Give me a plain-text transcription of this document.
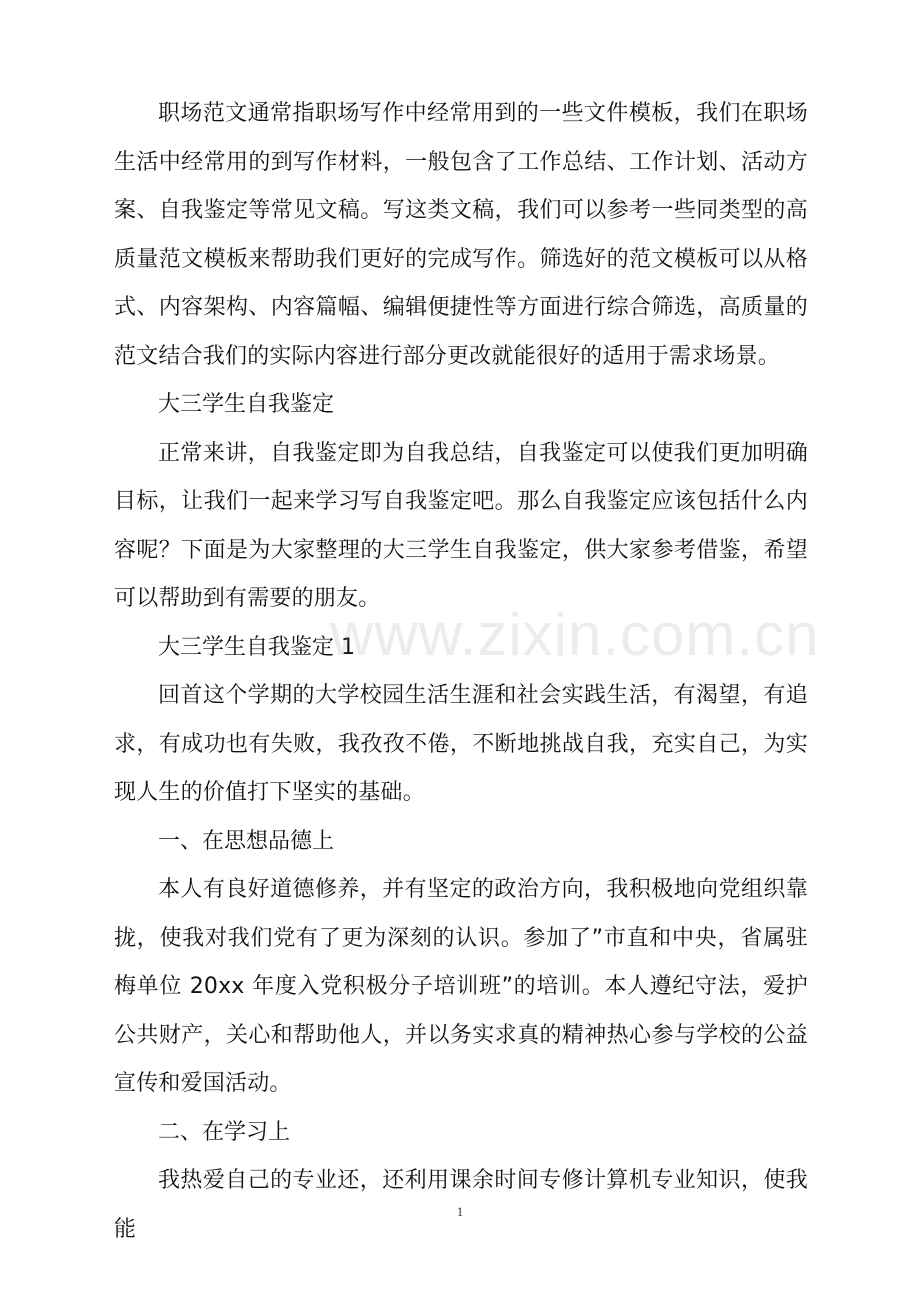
职场范文通常指职场写作中经常用到的一些文件模板，我们在职场生活中经常用的到写作材料，一般包含了工作总结、工作计划、活动方案、自我鉴定等常见文稿。写这类文稿，我们可以参考一些同类型的高质量范文模板来帮助我们更好的完成写作。筛选好的范文模板可以从格式、内容架构、内容篇幅、编辑便捷性等方面进行综合筛选，高质量的范文结合我们的实际内容进行部分更改就能很好的适用于需求场景。

大三学生自我鉴定

正常来讲，自我鉴定即为自我总结，自我鉴定可以使我们更加明确目标，让我们一起来学习写自我鉴定吧。那么自我鉴定应该包括什么内容呢？下面是为大家整理的大三学生自我鉴定，供大家参考借鉴，希望可以帮助到有需要的朋友。

大三学生自我鉴定 1

回首这个学期的大学校园生活生涯和社会实践生活，有渴望，有追求，有成功也有失败，我孜孜不倦，不断地挑战自我，充实自己，为实现人生的价值打下坚实的基础。

一、在思想品德上

本人有良好道德修养，并有坚定的政治方向，我积极地向党组织靠拢，使我对我们党有了更为深刻的认识。参加了”市直和中央，省属驻梅单位 20xx 年度入党积极分子培训班”的培训。本人遵纪守法，爱护公共财产，关心和帮助他人，并以务实求真的精神热心参与学校的公益宣传和爱国活动。

二、在学习上

我热爱自己的专业还，还利用课余时间专修计算机专业知识，使我能

www.zixin.com.cn
1
